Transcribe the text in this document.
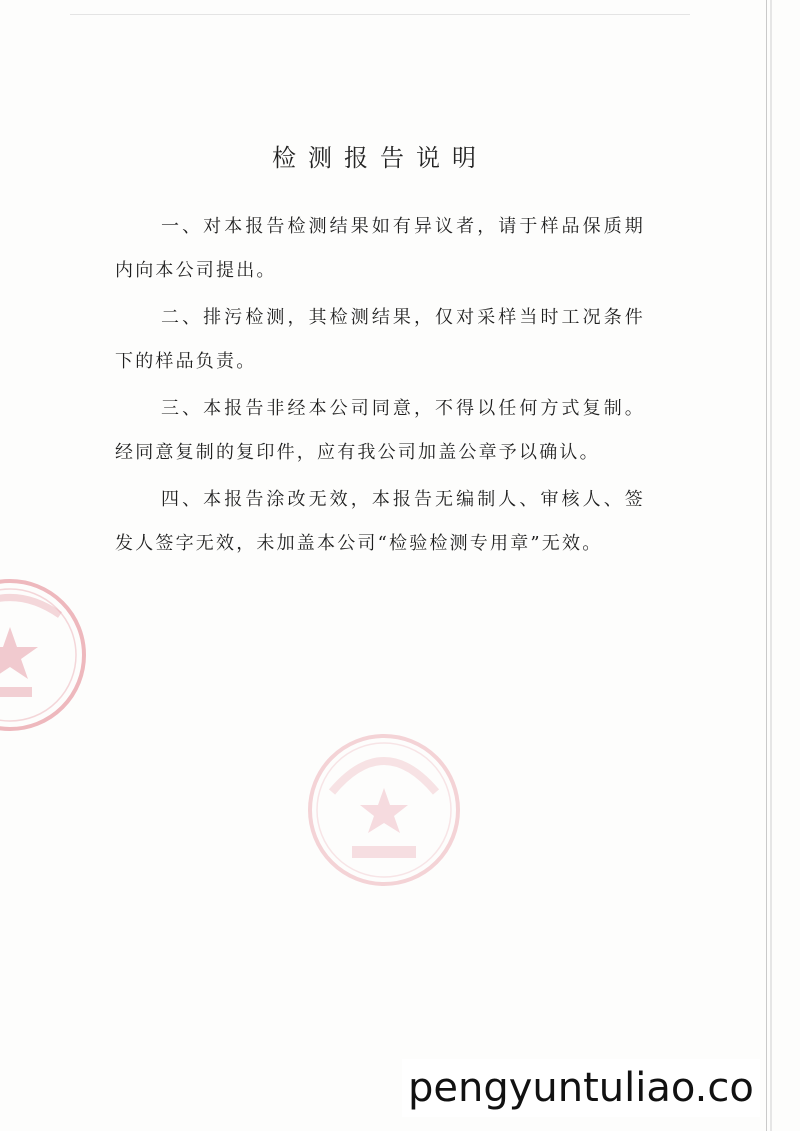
检测报告说明
一、对本报告检测结果如有异议者，请于样品保质期内向本公司提出。
二、排污检测，其检测结果，仅对采样当时工况条件下的样品负责。
三、本报告非经本公司同意，不得以任何方式复制。经同意复制的复印件，应有我公司加盖公章予以确认。
四、本报告涂改无效，本报告无编制人、审核人、签发人签字无效，未加盖本公司“检验检测专用章”无效。
pengyuntuliao.co
